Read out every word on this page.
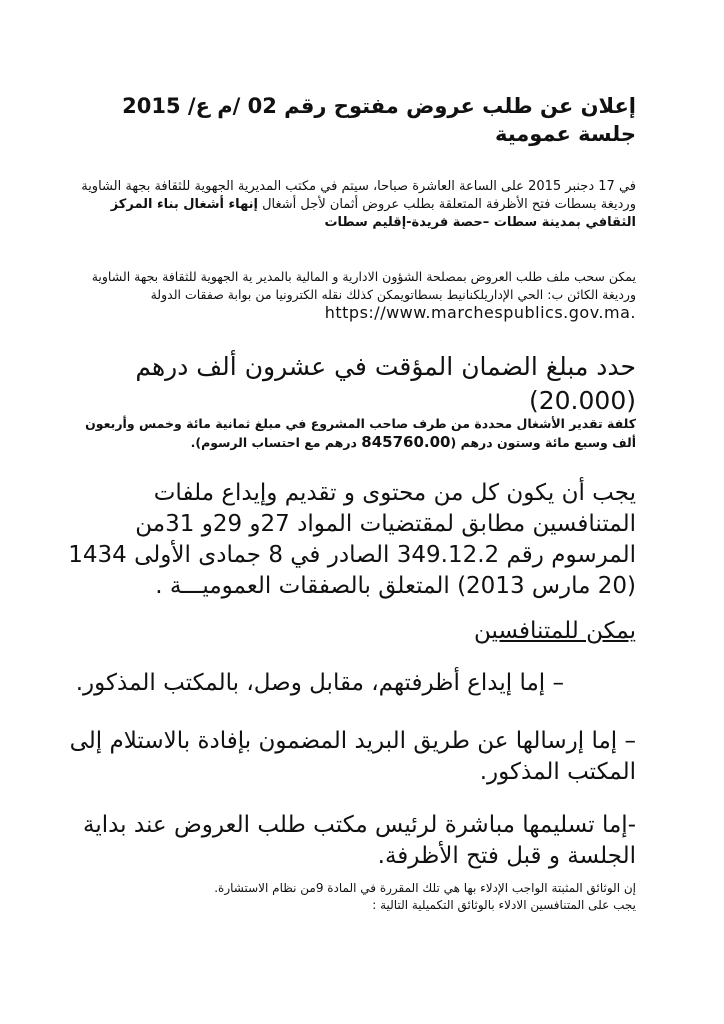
إعلان عن طلب عروض مفتوح رقم 02 /م ع/ 2015 جلسة عمومية

في 17 دجنبر 2015 على الساعة العاشرة صباحا، سيتم في مكتب المديرية الجهوية للثقافة بجهة الشاوية ورديغة بسطات فتح الأظرفة المتعلقة بطلب عروض أثمان لأجل أشغال إنهاء أشغال بناء المركز الثقافي بمدينة سطات –حصة فريدة-إقليم سطات

يمكن سحب ملف طلب العروض بمصلحة الشؤون الادارية و المالية بالمدير ية الجهوية للثقافة بجهة الشاوية ورديغة الكائن ب: الحي الإداريلكنانيط بسطاتويمكن كذلك نقله الكترونيا من بوابة صفقات الدولة https://www.marchespublics.gov.ma.

حدد مبلغ الضمان المؤقت في عشرون ألف درهم (20.000)

كلفة تقدير الأشغال محددة من طرف صاحب المشروع في مبلغ ثمانية مائة وخمس وأربعون ألف وسبع مائة وستون درهم (845760.00 درهم مع احتساب الرسوم).

يجب أن يكون كل من محتوى و تقديم وإيداع ملفات المتنافسين مطابق لمقتضيات المواد 27و 29و 31من المرسوم رقم 349.12.2 الصادر في 8 جمادى الأولى 1434 (20 مارس 2013) المتعلق بالصفقات العموميـــة .

يمكن للمتنافسين

– إما إيداع أظرفتهم، مقابل وصل، بالمكتب المذكور.

– إما إرسالها عن طريق البريد المضمون بإفادة بالاستلام إلى المكتب المذكور.

-إما تسليمها مباشرة لرئيس مكتب طلب العروض عند بداية الجلسة و قبل فتح الأظرفة.

إن الوثائق المثبتة الواجب الإدلاء بها هي تلك المقررة في المادة 9من نظام الاستشارة.
يجب على المتنافسين الادلاء بالوثائق التكميلية التالية :
